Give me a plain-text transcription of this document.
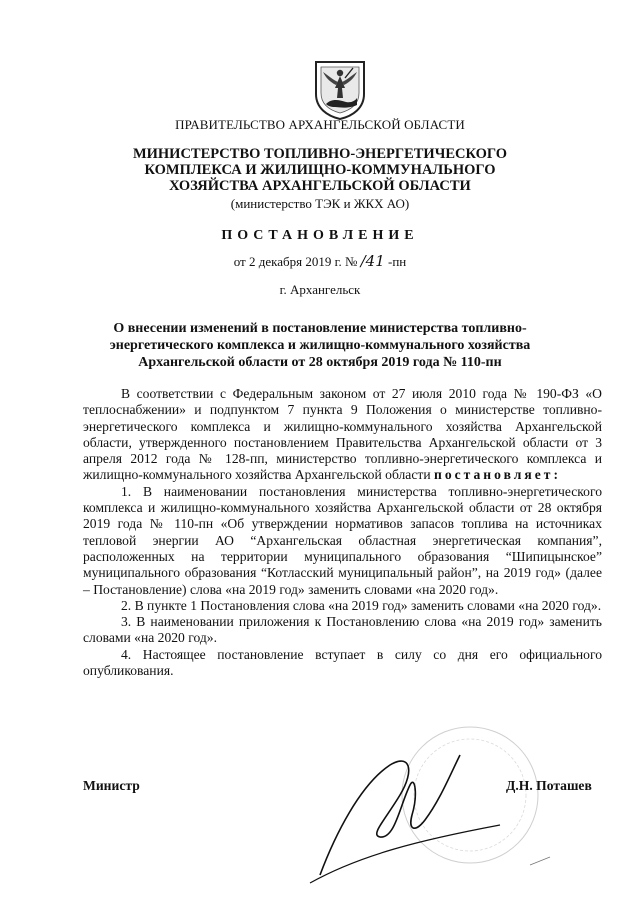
ПРАВИТЕЛЬСТВО АРХАНГЕЛЬСКОЙ ОБЛАСТИ
МИНИСТЕРСТВО ТОПЛИВНО-ЭНЕРГЕТИЧЕСКОГО
КОМПЛЕКСА И ЖИЛИЩНО-КОММУНАЛЬНОГО
ХОЗЯЙСТВА АРХАНГЕЛЬСКОЙ ОБЛАСТИ
(министерство ТЭК и ЖКХ АО)
ПОСТАНОВЛЕНИЕ
от 2 декабря 2019 г. № /41 -пн
г. Архангельск
О внесении изменений в постановление министерства топливно-
энергетического комплекса и жилищно-коммунального хозяйства
Архангельской области от 28 октября 2019 года № 110-пн

В соответствии с Федеральным законом от 27 июля 2010 года № 190-ФЗ «О теплоснабжении» и подпунктом 7 пункта 9 Положения о министерстве топливно-энергетического комплекса и жилищно-коммунального хозяйства Архангельской области, утвержденного постановлением Правительства Архангельской области от 3 апреля 2012 года № 128-пп, министерство топливно-энергетического комплекса и жилищно-коммунального хозяйства Архангельской области постановляет:

1. В наименовании постановления министерства топливно-энергетического комплекса и жилищно-коммунального хозяйства Архангельской области от 28 октября 2019 года № 110-пн «Об утверждении нормативов запасов топлива на источниках тепловой энергии АО “Архангельская областная энергетическая компания”, расположенных на территории муниципального образования “Шипицынское” муниципального образования “Котласский муниципальный район”, на 2019 год» (далее – Постановление) слова «на 2019 год» заменить словами «на 2020 год».

2. В пункте 1 Постановления слова «на 2019 год» заменить словами «на 2020 год».

3. В наименовании приложения к Постановлению слова «на 2019 год» заменить словами «на 2020 год».

4. Настоящее постановление вступает в силу со дня его официального опубликования.

Министр	Д.Н. Поташев
